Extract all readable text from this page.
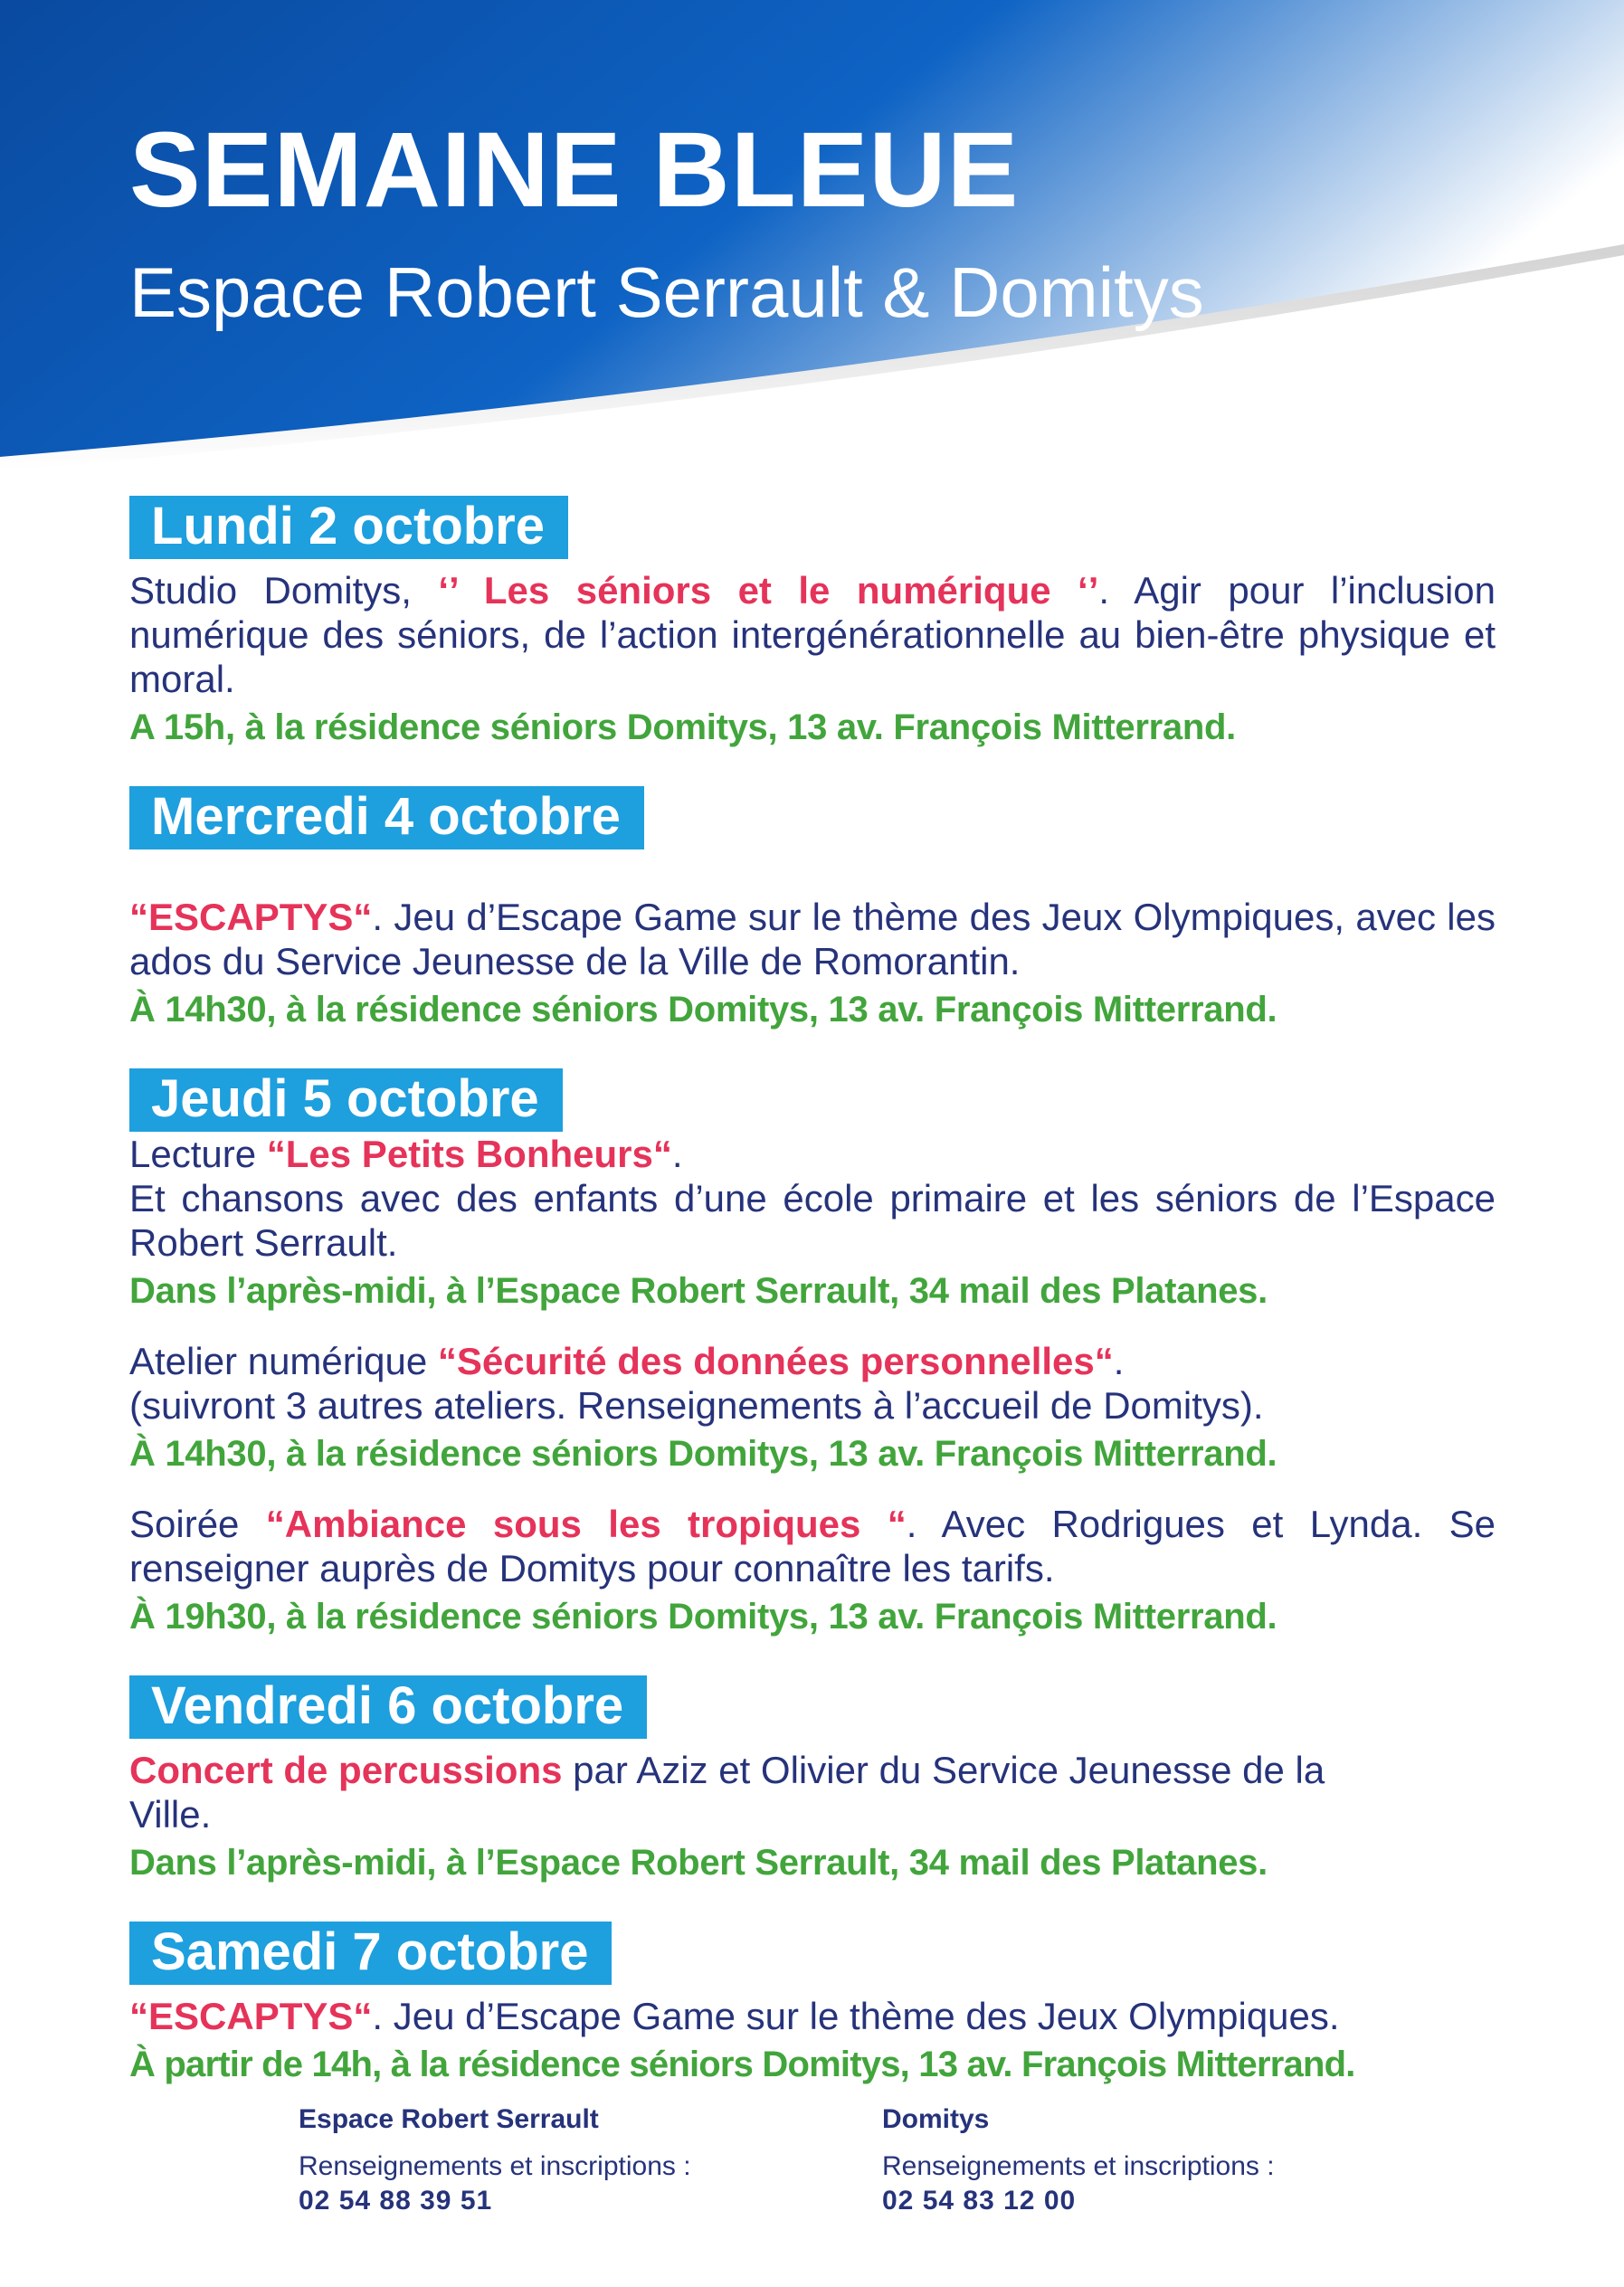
SEMAINE BLEUE
Espace Robert Serrault & Domitys
Lundi 2 octobre

Studio Domitys, ‘’ Les séniors et le numérique ‘’. Agir pour l’inclusion numérique des séniors, de l’action intergénérationnelle au bien-être physique et moral.

A 15h, à la résidence séniors Domitys, 13 av. François Mitterrand.

Mercredi 4 octobre

“ESCAPTYS“. Jeu d’Escape Game sur le thème des Jeux Olympiques, avec les ados du Service Jeunesse de la Ville de Romorantin.

À 14h30, à la résidence séniors Domitys, 13 av. François Mitterrand.

Jeudi 5 octobre

Lecture “Les Petits Bonheurs“.

Et chansons avec des enfants d’une école primaire et les séniors de l’Espace Robert Serrault.

Dans l’après-midi, à l’Espace Robert Serrault, 34 mail des Platanes.

Atelier numérique “Sécurité des données personnelles“.

(suivront 3 autres ateliers. Renseignements à l’accueil de Domitys).

À 14h30, à la résidence séniors Domitys, 13 av. François Mitterrand.

Soirée “Ambiance sous les tropiques “. Avec Rodrigues et Lynda. Se renseigner auprès de Domitys pour connaître les tarifs.

À 19h30, à la résidence séniors Domitys, 13 av. François Mitterrand.

Vendredi 6 octobre

Concert de percussions par Aziz et Olivier du Service Jeunesse de la Ville.

Dans l’après-midi, à l’Espace Robert Serrault, 34 mail des Platanes.

Samedi 7 octobre

“ESCAPTYS“. Jeu d’Escape Game sur le thème des Jeux Olympiques.

À partir de 14h, à la résidence séniors Domitys, 13 av. François Mitterrand.

Espace Robert Serrault

Renseignements et inscriptions :

02 54 88 39 51

Domitys

Renseignements et inscriptions :

02 54 83 12 00
